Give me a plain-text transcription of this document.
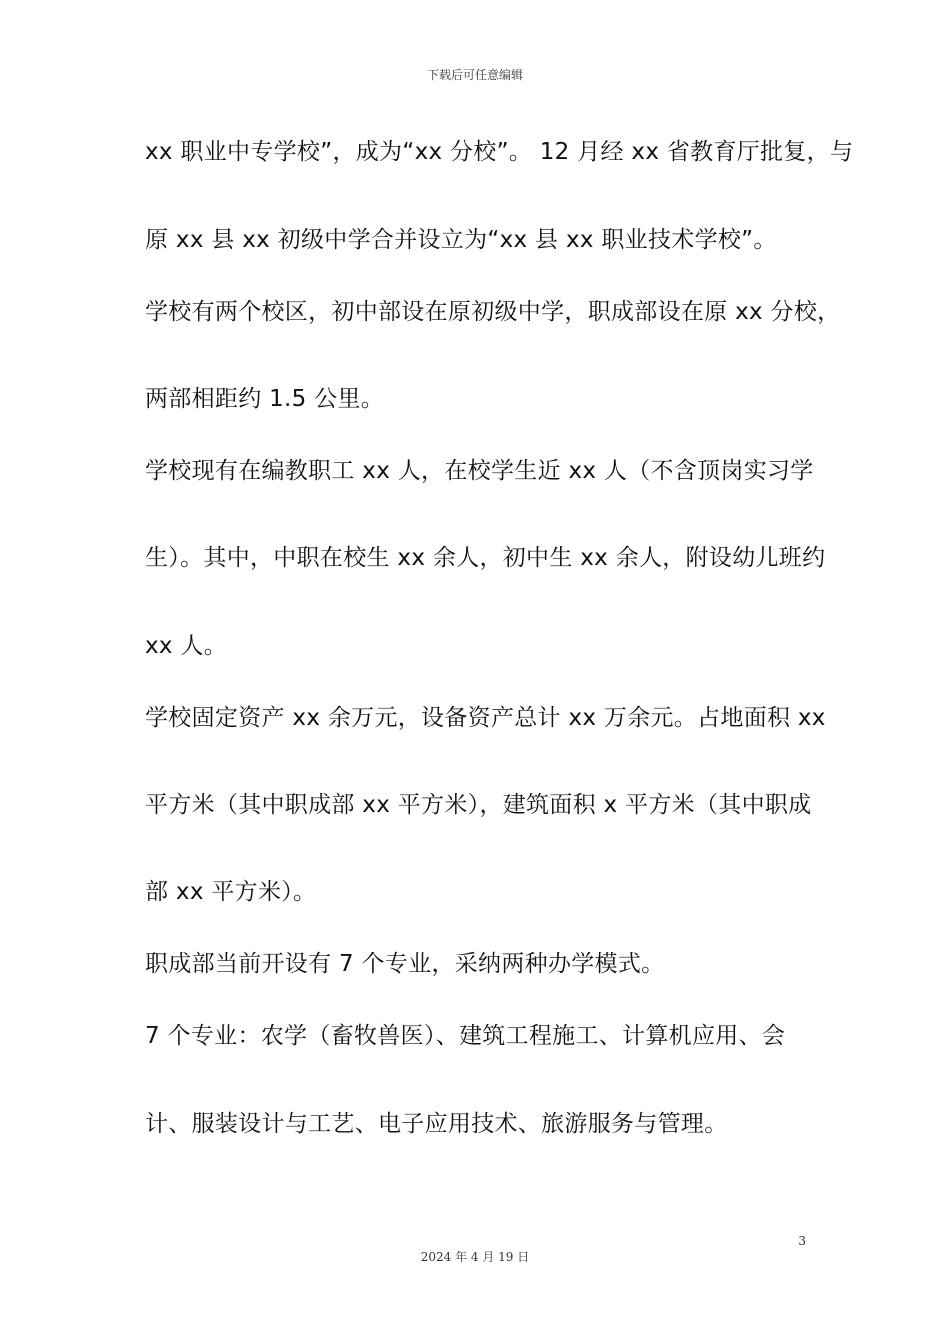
下载后可任意编辑
xx 职业中专学校”，成为“xx 分校”。 12 月经 xx 省教育厅批复，与
原 xx 县 xx 初级中学合并设立为“xx 县 xx 职业技术学校”。
学校有两个校区，初中部设在原初级中学，职成部设在原 xx 分校，
两部相距约 1.5 公里。
学校现有在编教职工 xx 人，在校学生近 xx 人（不含顶岗实习学
生）。其中，中职在校生 xx 余人，初中生 xx 余人，附设幼儿班约
xx 人。
学校固定资产 xx 余万元，设备资产总计 xx 万余元。占地面积 xx
平方米（其中职成部 xx 平方米），建筑面积 x 平方米（其中职成
部 xx 平方米）。
职成部当前开设有 7 个专业，采纳两种办学模式。
7 个专业：农学（畜牧兽医）、建筑工程施工、计算机应用、会
计、服装设计与工艺、电子应用技术、旅游服务与管理。
3
2024 年 4 月 19 日
